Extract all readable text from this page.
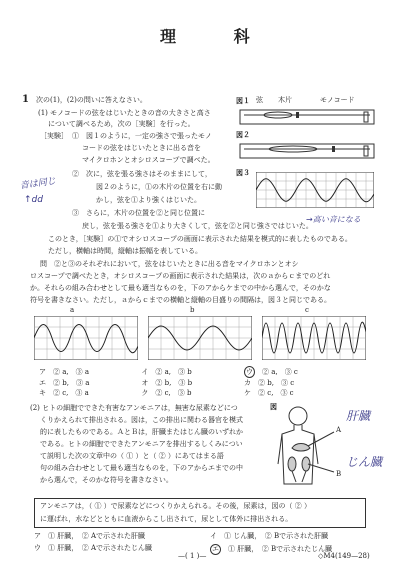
理 科
1 次の(1)，(2)の問いに答えなさい。
(1) モノコードの弦をはじいたときの音の大きさと高さ
について調べるため，次の［実験］を行った。
［実験］ ①　図１のように，一定の強さで張ったモノ
コードの弦をはじいたときに出る音を
マイクロホンとオシロスコープで調べた。
②　次に，弦を張る強さはそのままにして，
図２のように，①の木片の位置を右に動
かし，弦を①より強くはじいた。
③　さらに，木片の位置を②と同じ位置に
戻し，弦を張る強さを①より大きくして，弦を②と同じ強さではじいた。
このとき，［実験］の①でオシロスコープの画面に表示された結果を模式的に表したものである。
ただし，横軸は時間，縦軸は振幅を表している。
問　②と③のそれぞれにおいて，弦をはじいたときに出る音をマイクロホンとオシ
ロスコープで調べたとき，オシロスコープの画面に表示された結果は，次のａからｃまでのどれ
か。それらの組み合わせとして最も適当なものを，下のアからケまでの中から選んで，そのかな
符号を書きなさい。ただし，ａからｃまでの横軸と縦軸の目盛りの間隔は，図３と同じである。
図１ 弦 木片	モノコード
図２
図３
a	b	c
ア　 ② a,　 ③ a		イ　 ② a,　 ③ b		ウ　 ② a,　 ③ c
エ　 ② b,　 ③ a		オ　 ② b,　 ③ b		カ　 ② b,　 ③ c
キ　 ② c,　 ③ a		ク　 ② c,　 ③ b		ケ　 ② c,　 ③ c
(2) ヒトの細胞でできた有害なアンモニアは，無害な尿素などにつ
くりかえられて排出される。図は，この排出に関わる器官を模式
的に表したものである。ＡとＢは，肝臓またはじん臓のいずれか
である。ヒトの細胞でできたアンモニアを排出するしくみについ
て説明した次の文章中の（ ① ）と（ ② ）にあてはまる語
句の組み合わせとして最も適当なものを，下のアからエまでの中
から選んで，そのかな符号を書きなさい。
図
A
B
アンモニアは，（ ① ）で尿素などにつくりかえられる。その後，尿素は，図の（ ② ）
に運ばれ，水などとともに血液からこし出されて，尿として体外に排出される。
ア　 ① 肝臓，　 ② Aで示された肝臓	イ　 ① じん臓，　 ② Bで示された肝臓
ウ　 ① 肝臓，　 ② Aで示されたじん臓	エ　 ① 肝臓，　 ② Bで示されたじん臓
音は同じ
↑dd
→高い音になる
肝臓
じん臓
—( 1 )—	◇M4(149—28)
